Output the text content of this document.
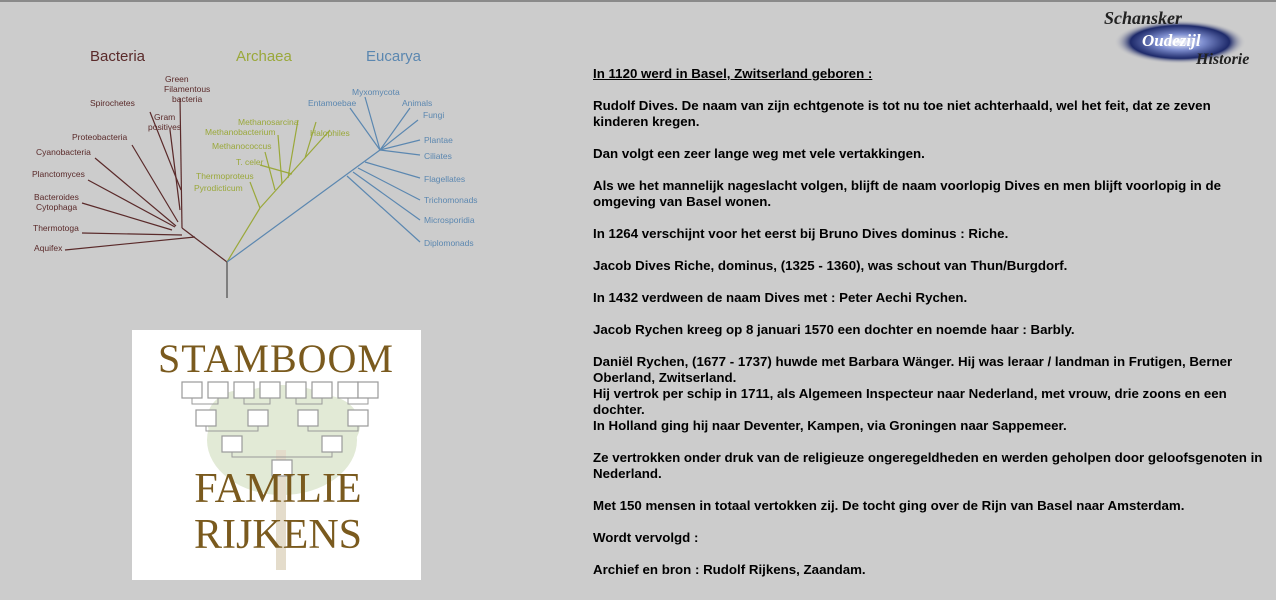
Bacteria	Archaea	Eucarya
Green
Filamentous
bacteria
Spirochetes
Gram
positives
Proteobacteria
Cyanobacteria
Planctomyces
Bacteroides
Cytophaga
Thermotoga
Aquifex
Methanosarcina
Methanobacterium
Methanococcus
T. celer
Thermoproteus
Pyrodicticum
Halophiles
Myxomycota
Entamoebae	Animals
Fungi
Plantae
Ciliates
Flagellates
Trichomonads
Microsporidia
Diplomonads
STAMBOOM
FAMILIE
RIJKENS
Schansker
Oudezijl
Historie

In 1120 werd in Basel, Zwitserland geboren :

Rudolf Dives. De naam van zijn echtgenote is tot nu toe niet achterhaald, wel het feit, dat ze zeven kinderen kregen.

Dan volgt een zeer lange weg met vele vertakkingen.

Als we het mannelijk nageslacht volgen, blijft de naam voorlopig Dives en men blijft voorlopig in de omgeving van Basel wonen.

In 1264 verschijnt voor het eerst bij Bruno Dives dominus : Riche.

Jacob Dives Riche, dominus, (1325 - 1360), was schout van Thun/Burgdorf.

In 1432 verdween de naam Dives met : Peter Aechi Rychen.

Jacob Rychen kreeg op 8 januari 1570 een dochter en noemde haar : Barbly.

Daniël Rychen, (1677 - 1737) huwde met Barbara Wänger. Hij was leraar / landman in Frutigen, Berner Oberland, Zwitserland.
Hij vertrok per schip in 1711, als Algemeen Inspecteur naar Nederland, met vrouw, drie zoons en een dochter.
In Holland ging hij naar Deventer, Kampen, via Groningen naar Sappemeer.

Ze vertrokken onder druk van de religieuze ongeregeldheden en werden geholpen door geloofsgenoten in Nederland.

Met 150 mensen in totaal vertokken zij. De tocht ging over de Rijn van Basel naar Amsterdam.

Wordt vervolgd :

Archief en bron : Rudolf Rijkens, Zaandam.
